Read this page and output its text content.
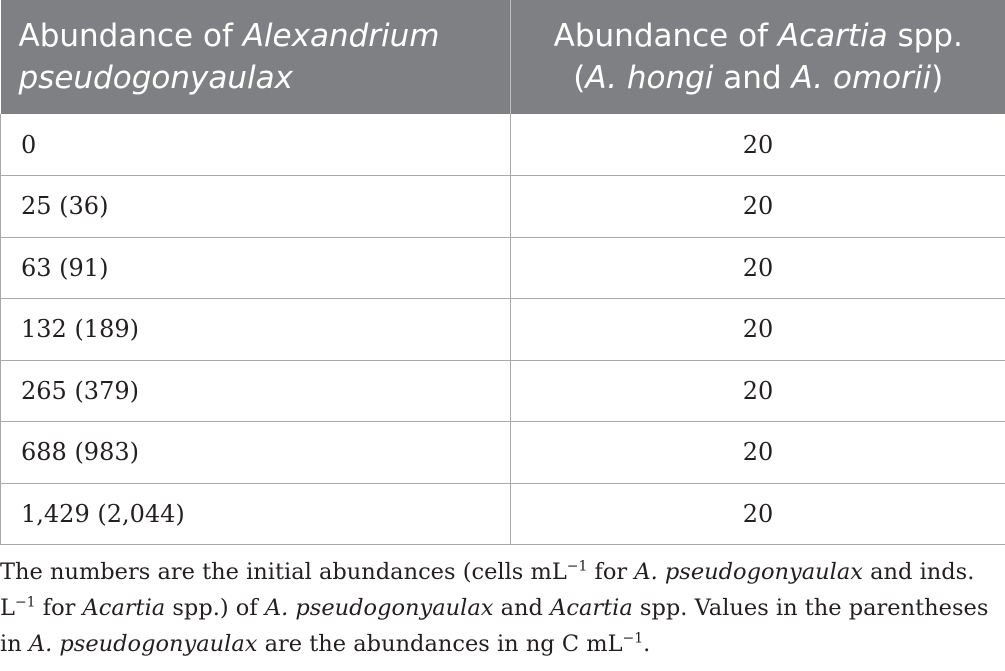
Abundance of Alexandrium pseudogonyaulax	Abundance of Acartia spp.
(A. hongi and A. omorii)
0	20
25 (36)	20
63 (91)	20
132 (189)	20
265 (379)	20
688 (983)	20
1,429 (2,044)	20

The numbers are the initial abundances (cells $mL^{-1}$ for A. pseudogonyaulax and inds. $L^{-1}$ for Acartia spp.) of A. pseudogonyaulax and Acartia spp. Values in the parentheses in A. pseudogonyaulax are the abundances in ng C $mL^{-1}$.
